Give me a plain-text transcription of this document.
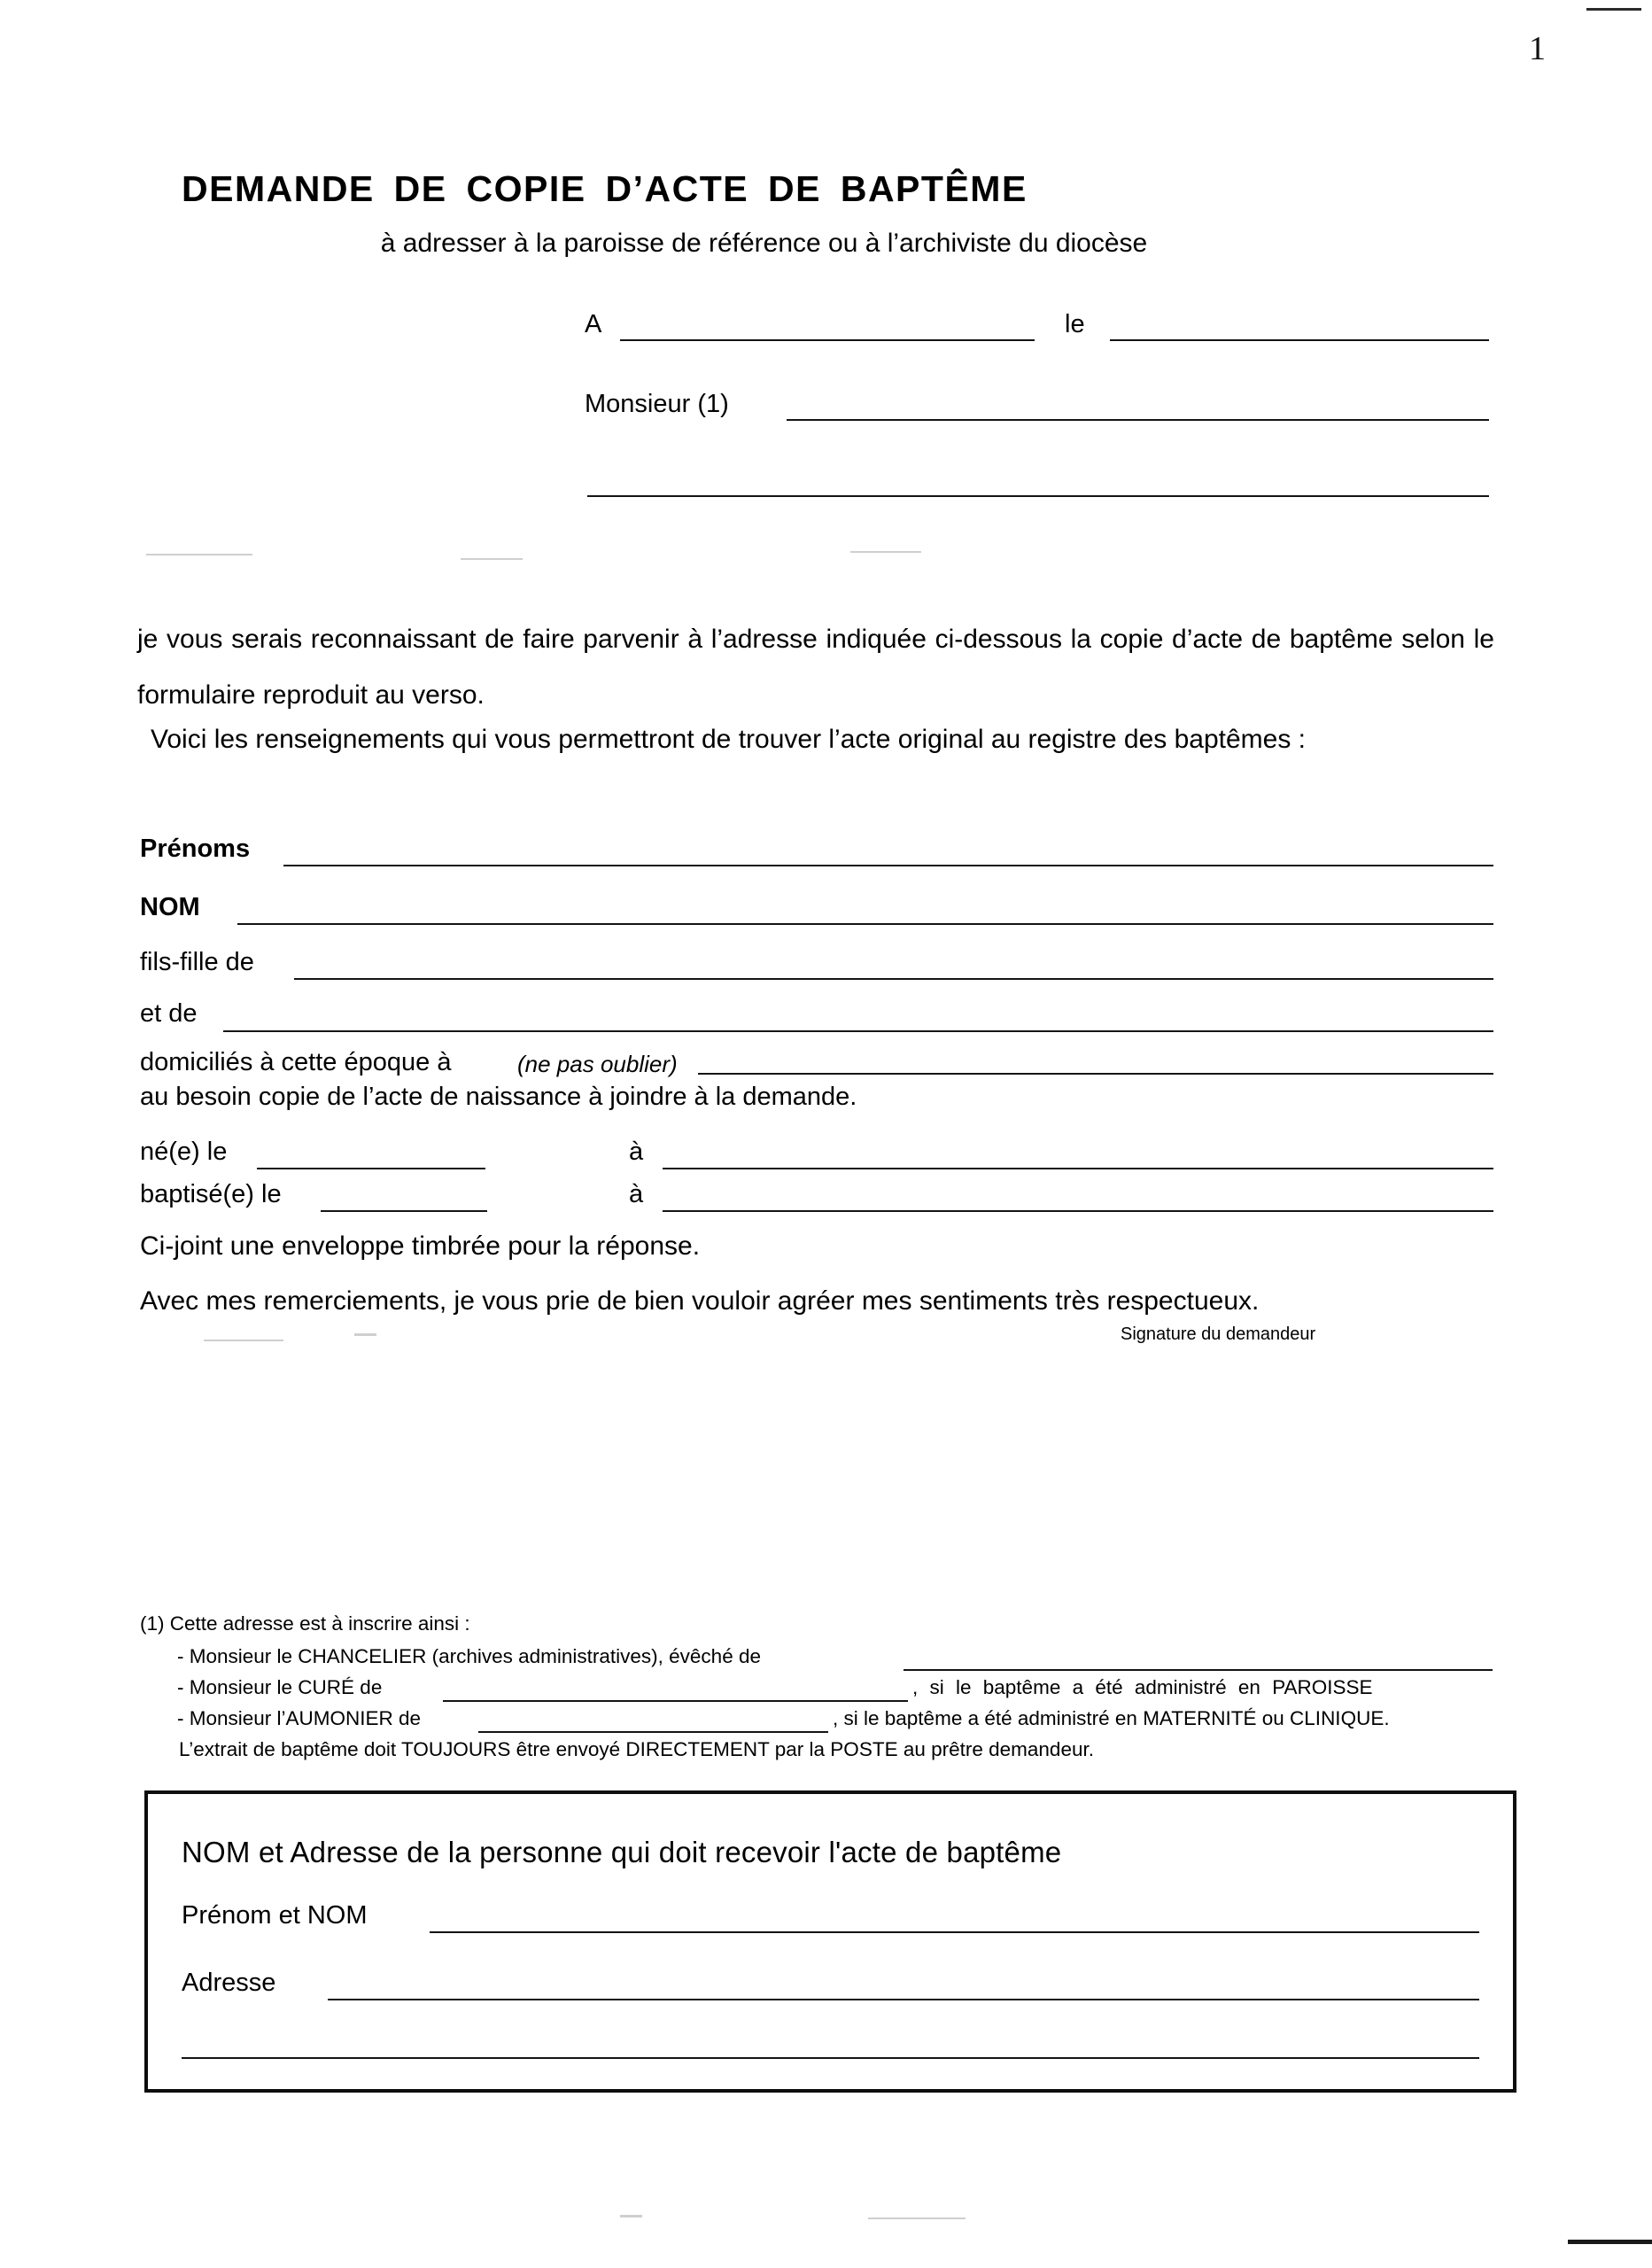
1
DEMANDE DE COPIE D’ACTE DE BAPTÊME
à adresser à la paroisse de référence ou à l’archiviste du diocèse
A	le
Monsieur (1)
je vous serais reconnaissant de faire parvenir à l’adresse indiquée ci-dessous la copie d’acte de baptême selon le formulaire reproduit au verso.
Voici les renseignements qui vous permettront de trouver l’acte original au registre des baptêmes :
Prénoms
NOM
fils-fille de
et de
domiciliés à cette époque à	(ne pas oublier)
au besoin copie de l’acte de naissance à joindre à la demande.
né(e) le	à
baptisé(e) le	à
Ci-joint une enveloppe timbrée pour la réponse.
Avec mes remerciements, je vous prie de bien vouloir agréer mes sentiments très respectueux.
Signature du demandeur
(1) Cette adresse est à inscrire ainsi :
- Monsieur le CHANCELIER (archives administratives), évêché de
- Monsieur le CURÉ de	, si le baptême a été administré en PAROISSE
- Monsieur l’AUMONIER de	, si le baptême a été administré en MATERNITÉ ou CLINIQUE.
L’extrait de baptême doit TOUJOURS être envoyé DIRECTEMENT par la POSTE au prêtre demandeur.
NOM et Adresse de la personne qui doit recevoir l'acte de baptême
Prénom et NOM
Adresse
